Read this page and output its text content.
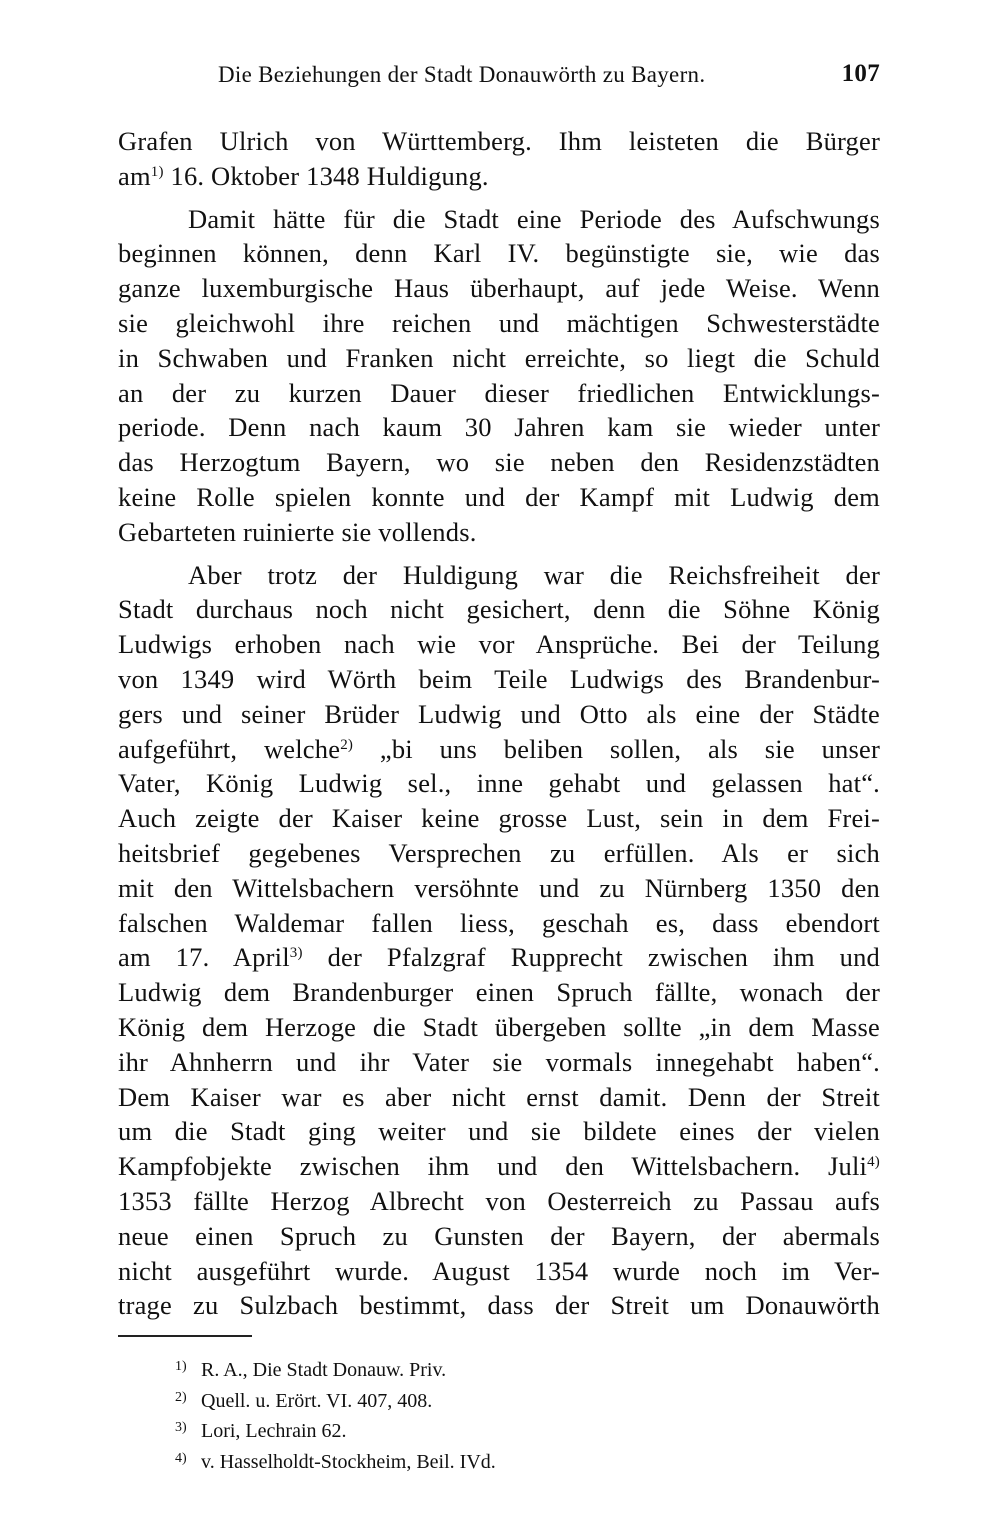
Die Beziehungen der Stadt Donauwörth zu Bayern.	107
Grafen Ulrich von Württemberg. Ihm leisteten die Bürger
$am^{1)}$ 16. Oktober 1348 Huldigung.
Damit hätte für die Stadt eine Periode des Aufschwungs
beginnen können, denn Karl IV. begünstigte sie, wie das
ganze luxemburgische Haus überhaupt, auf jede Weise. Wenn
sie gleichwohl ihre reichen und mächtigen Schwesterstädte
in Schwaben und Franken nicht erreichte, so liegt die Schuld
an der zu kurzen Dauer dieser friedlichen Entwicklungs-
periode. Denn nach kaum 30 Jahren kam sie wieder unter
das Herzogtum Bayern, wo sie neben den Residenzstädten
keine Rolle spielen konnte und der Kampf mit Ludwig dem
Gebarteten ruinierte sie vollends.
Aber trotz der Huldigung war die Reichsfreiheit der
Stadt durchaus noch nicht gesichert, denn die Söhne König
Ludwigs erhoben nach wie vor Ansprüche. Bei der Teilung
von 1349 wird Wörth beim Teile Ludwigs des Brandenbur-
gers und seiner Brüder Ludwig und Otto als eine der Städte
aufgeführt, welche$^{2)}$ „bi uns beliben sollen, als sie unser
Vater, König Ludwig sel., inne gehabt und gelassen hat“.
Auch zeigte der Kaiser keine grosse Lust, sein in dem Frei-
heitsbrief gegebenes Versprechen zu erfüllen. Als er sich
mit den Wittelsbachern versöhnte und zu Nürnberg 1350 den
falschen Waldemar fallen liess, geschah es, dass ebendort
am 17. April$^{3)}$ der Pfalzgraf Rupprecht zwischen ihm und
Ludwig dem Brandenburger einen Spruch fällte, wonach der
König dem Herzoge die Stadt übergeben sollte „in dem Masse
ihr Ahnherrn und ihr Vater sie vormals innegehabt haben“.
Dem Kaiser war es aber nicht ernst damit. Denn der Streit
um die Stadt ging weiter und sie bildete eines der vielen
Kampfobjekte zwischen ihm und den Wittelsbachern. Juli$^{4)}$
1353 fällte Herzog Albrecht von Oesterreich zu Passau aufs
neue einen Spruch zu Gunsten der Bayern, der abermals
nicht ausgeführt wurde. August 1354 wurde noch im Ver-
trage zu Sulzbach bestimmt, dass der Streit um Donauwörth
1) R. A., Die Stadt Donauw. Priv.
2) Quell. u. Erört. VI. 407, 408.
3) Lori, Lechrain 62.
4) v. Hasselholdt-Stockheim, Beil. IVd.
